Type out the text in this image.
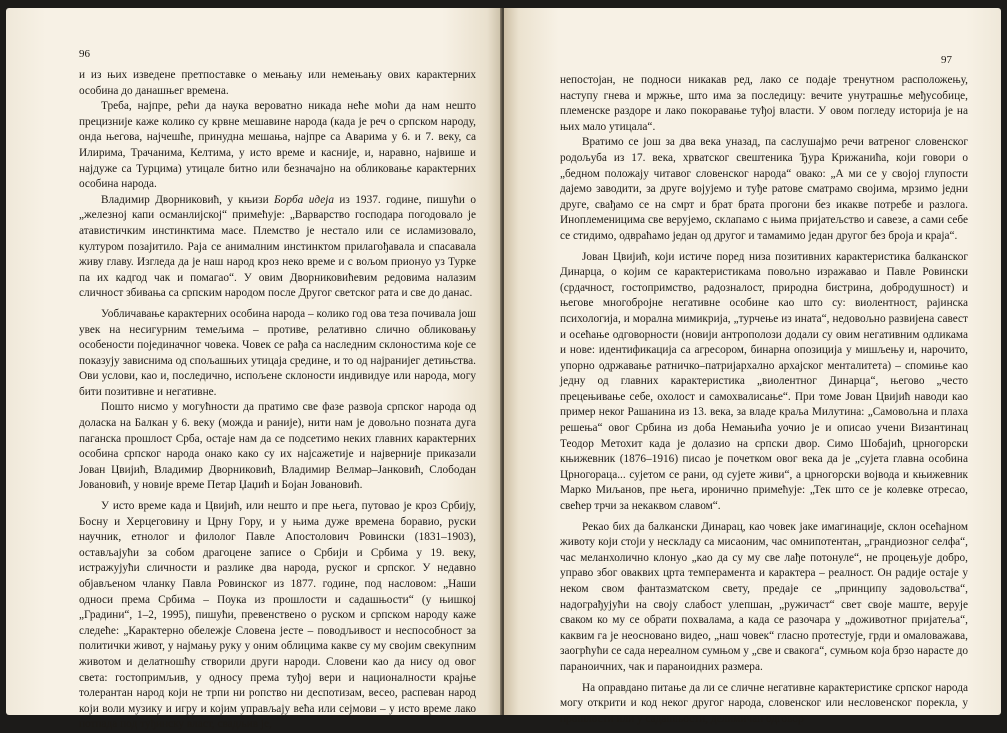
96

и из њих изведене претпоставке о мењању или немењању ових карактерних особина до данашњег времена.

Треба, најпре, рећи да наука вероватно никада неће моћи да нам нешто прецизније каже колико су крвне мешавине народа (када је реч о српском народу, онда његова, најчешће, принудна мешања, најпре са Аварима у 6. и 7. веку, са Илирима, Трачанима, Келтима, у исто време и касније, и, наравно, највише и најдуже са Турцима) утицале битно или безначајно на обликовање карактерних особина народа.

Владимир Дворниковић, у књизи Борба идеја из 1937. године, пишући о „железној капи османлијској“ примећује: „Варварство господара погодовало је атавистичким инстинктима масе. Племство је нестало или се исламизовало, културом позајитило. Раја се анималним инстинктом прилагођавала и спасавала живу главу. Изгледа да је наш народ кроз нeко време и с вољом прионуо уз Турке па их кадгод чак и помагао“. У овим Дворниковићевим редовима налазим сличност збивања са српским народом после Другог светског рата и све до данас.

Уобличавање карактерних особина народа – колико год ова теза почивала још увек на несигурним темељима – противе, релативно слично обликовању особености појединачног човека. Човек се рађа са наследним склоностима које се показују зависнима од спољашњих утицаја средине, и то од најранијег детињства. Ови услови, као и, последично, испољене склоности индивидуе или народа, могу бити позитивне и негативне.

Пошто нисмо у могућности да пратимо све фазе развоја српског народа од доласка на Балкан у 6. веку (можда и раније), нити нам је довољно позната дуга паганска прошлост Срба, остаје нам да се подсетимо неких главних карактерних особина српског народа онако како су их најсажетије и најверније приказали Јован Цвијић, Владимир Дворниковић, Владимир Велмар–Јанковић, Слободан Јовановић, у новије време Петар Џаџић и Бојан Јовановић.

У исто време када и Цвијић, или нешто и пре њега, путовао је кроз Србију, Босну и Херцеговину и Црну Гору, и у њима дуже времена боравио, руски научник, етнолог и филолог Павле Апостолович Ровински (1831–1903), остављајући за собом драгоцене записе о Србији и Србима у 19. веку, истражујући сличности и разлике два народа, руског и српског. У недавно објављеном чланку Павла Ровинског из 1877. године, под насловом: „Наши односи према Србима – Поука из прошлости и садашњости“ (у њишкој „Градини“, 1–2, 1995), пишући, превенствено о руском и српском народу каже следеће: „Карактерно обележје Словена јесте – поводљивост и неспособност за политички живот, у најмању руку у оним облицима какве су му својим свекупним животом и делатношћу створили други народи. Словени као да нису од овог света: гостопримљив, у односу према туђој вери и националности крајње толерантан народ који не трпи ни ропство ни деспотизам, весео, распеван народ који воли музику и игру и којим управљају већа или сејмови – у исто време лако потпада под туђинску власт, свадљив је,

97

непостојан, не подноси никакав ред, лако се подаје тренутном расположењу, наступу гнева и мржње, што има за последицу: вечите унутрашње међусобице, племенске раздоре и лако покоравање туђој власти. У овом погледу историја је на њих мало утицала“.

Вратимо се још за два века уназад, па саслушајмо речи ватреног словенског родољуба из 17. века, хрватског свештеника Ђура Крижанића, који говори о „бедном положају читавог словенског народа“ овако: „А ми се у своjoj глупости дајемо заводити, за друге војујемо и туђе ратове сматрамо својима, мрзимо једни друге, свађамо се на смрт и брат брата прогони без икакве потребе и разлога. Иноплеменицима све верујемо, склапамо с њима пријатељство и савезе, а сами себе се стидимо, одвраћамо један од другог и тамамимо један другог без броја и краја“.

Јован Цвијић, који истиче поред низа позитивних карактеристика балканског Динарца, о којим се карактеристикама повољно изражавао и Павле Ровински (срдачност, гостопримство, радозналост, природна бистрина, добродушност) и његове многобројне негативне особине као што су: виолентност, рајинска психологија, и морална мимикрија, „турчење из ината“, недовољно развијена савест и осећање одговорности (новији антрополози додали су овим негативним одликама и нове: идентификација са агресором, бинарна опозиција у мишљењу и, нарочито, упорно одржавање ратничко–патријархално архајског менталитета) – спомиње као једну од главних карактеристика „виолентног Динарца“, његово „често прецењивање себе, охолост и самохвалисање“. При томе Јован Цвијић наводи као пример некоr Рашанина из 13. века, за владе краља Милутина: „Самовољна и плаха решења“ овог Србина из доба Немањића уочио је и описао учени Византинац Теодор Метохит када је долазио на српски двор. Симо Шобајић, црногорски књижевник (1876–1916) писао је почетком овог века да је „сујета главна особина Црногораца... сујетом се рани, од сујете живи“, а црногорски војвода и књижевник Марко Миљанов, пре њега, иронично примећује: „Тек што се је колевке отресао, свећер трчи за некаквом славом“.

Рекао бих да балкански Динарац, као човек јаке имагинације, склон осећајном животу који стоји у нескладу са мисаоним, час омнипотентан, „грандиозног селфа“, час меланхолично клонуо „као да су му све лађе потонуле“, не процењује добро, управо због оваквих црта темперамента и карактера – реалност. Он радије остаје у неком свом фантазматском свету, предаје се „принципу задовољства“, надограђујући на своју слабост улепшан, „ружичаст“ свет своје маште, верује сваком ко му се обрати похвалама, а када се разочара у „доживотног пријатеља“, каквим га је неосновано видео, „наш човек“ гласно протестује, грди и омаловажава, заогрћући се сада нереалном сумњом у „све и свакога“, сумњом која брзо нарасте до параноичних, чак и параноидних размера.

На оправдано питање да ли се сличне негативне карактеристике српског народа могу открити и код неког другог народа, словенског или несловенског порекла, у прошлости или у садашњости, делимичан одговор
